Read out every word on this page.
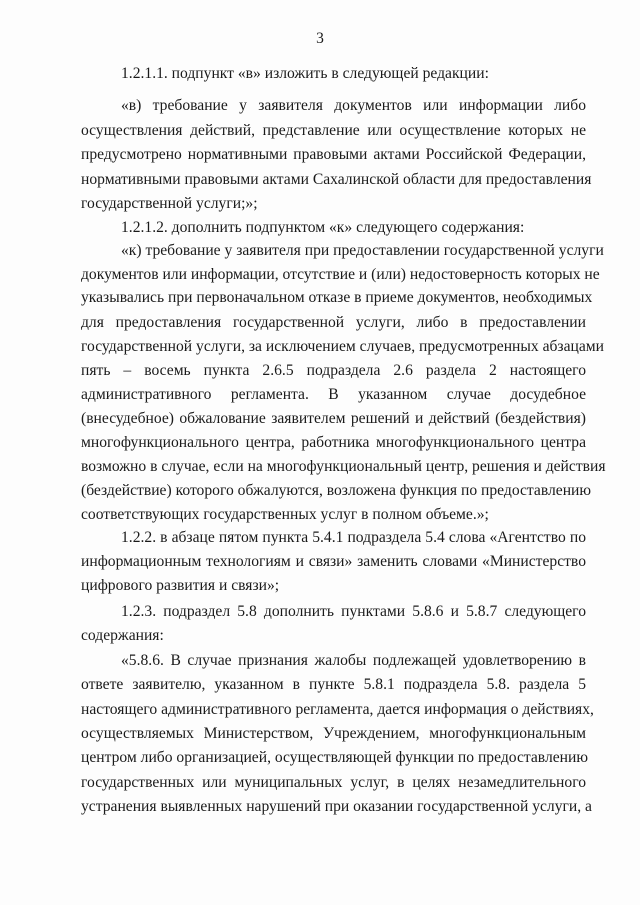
3
1.2.1.1. подпункт «в» изложить в следующей редакции:
«в) требование у заявителя документов или информации либо
осуществления действий, представление или осуществление которых не
предусмотрено нормативными правовыми актами Российской Федерации,
нормативными правовыми актами Сахалинской области для предоставления
государственной услуги;»;
1.2.1.2. дополнить подпунктом «к» следующего содержания:
«к) требование у заявителя при предоставлении государственной услуги
документов или информации, отсутствие и (или) недостоверность которых не
указывались при первоначальном отказе в приеме документов, необходимых
для предоставления государственной услуги, либо в предоставлении
государственной услуги, за исключением случаев, предусмотренных абзацами
пять – восемь пункта 2.6.5 подраздела 2.6 раздела 2 настоящего
административного регламента. В указанном случае досудебное
(внесудебное) обжалование заявителем решений и действий (бездействия)
многофункционального центра, работника многофункционального центра
возможно в случае, если на многофункциональный центр, решения и действия
(бездействие) которого обжалуются, возложена функция по предоставлению
соответствующих государственных услуг в полном объеме.»;
1.2.2. в абзаце пятом пункта 5.4.1 подраздела 5.4 слова «Агентство по
информационным технологиям и связи» заменить словами «Министерство
цифрового развития и связи»;
1.2.3. подраздел 5.8 дополнить пунктами 5.8.6 и 5.8.7 следующего
содержания:
«5.8.6. В случае признания жалобы подлежащей удовлетворению в
ответе заявителю, указанном в пункте 5.8.1 подраздела 5.8. раздела 5
настоящего административного регламента, дается информация о действиях,
осуществляемых Министерством, Учреждением, многофункциональным
центром либо организацией, осуществляющей функции по предоставлению
государственных или муниципальных услуг, в целях незамедлительного
устранения выявленных нарушений при оказании государственной услуги, а
